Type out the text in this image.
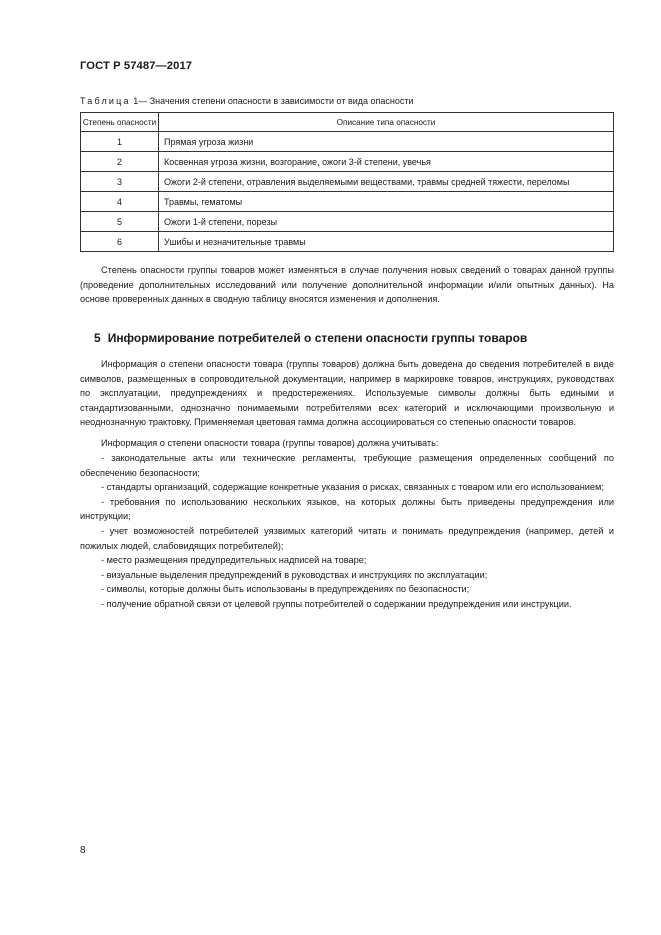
ГОСТ Р 57487—2017
Таблица 1— Значения степени опасности в зависимости от вида опасности
Степень опасности	Описание типа опасности
1	Прямая угроза жизни
2	Косвенная угроза жизни, возгорание, ожоги 3-й степени, увечья
3	Ожоги 2-й степени, отравления выделяемыми веществами, травмы средней тяжести, переломы
4	Травмы, гематомы
5	Ожоги 1-й степени, порезы
6	Ушибы и незначительные травмы

Степень опасности группы товаров может изменяться в случае получения новых сведений о товарах данной группы (проведение дополнительных исследований или получение дополнительной информации и/или опытных данных). На основе проверенных данных в сводную таблицу вносятся изменения и дополнения.

5 Информирование потребителей о степени опасности группы товаров

Информация о степени опасности товара (группы товаров) должна быть доведена до сведения потребителей в виде символов, размещенных в сопроводительной документации, например в маркировке товаров, инструкциях, руководствах по эксплуатации, предупреждениях и предостережениях. Используемые символы должны быть едиными и стандартизованными, однозначно понимаемыми потребителями всех категорий и исключающими произвольную и неоднозначную трактовку. Применяемая цветовая гамма должна ассоциироваться со степенью опасности товаров.

Информация о степени опасности товара (группы товаров) должна учитывать:

- законодательные акты или технические регламенты, требующие размещения определенных сообщений по обеспечению безопасности;
- стандарты организаций, содержащие конкретные указания о рисках, связанных с товаром или его использованием;
- требования по использованию нескольких языков, на которых должны быть приведены предупреждения или инструкции;
- учет возможностей потребителей уязвимых категорий читать и понимать предупреждения (например, детей и пожилых людей, слабовидящих потребителей);
- место размещения предупредительных надписей на товаре;
- визуальные выделения предупреждений в руководствах и инструкциях по эксплуатации;
- символы, которые должны быть использованы в предупреждениях по безопасности;
- получение обратной связи от целевой группы потребителей о содержании предупреждения или инструкции.
8
